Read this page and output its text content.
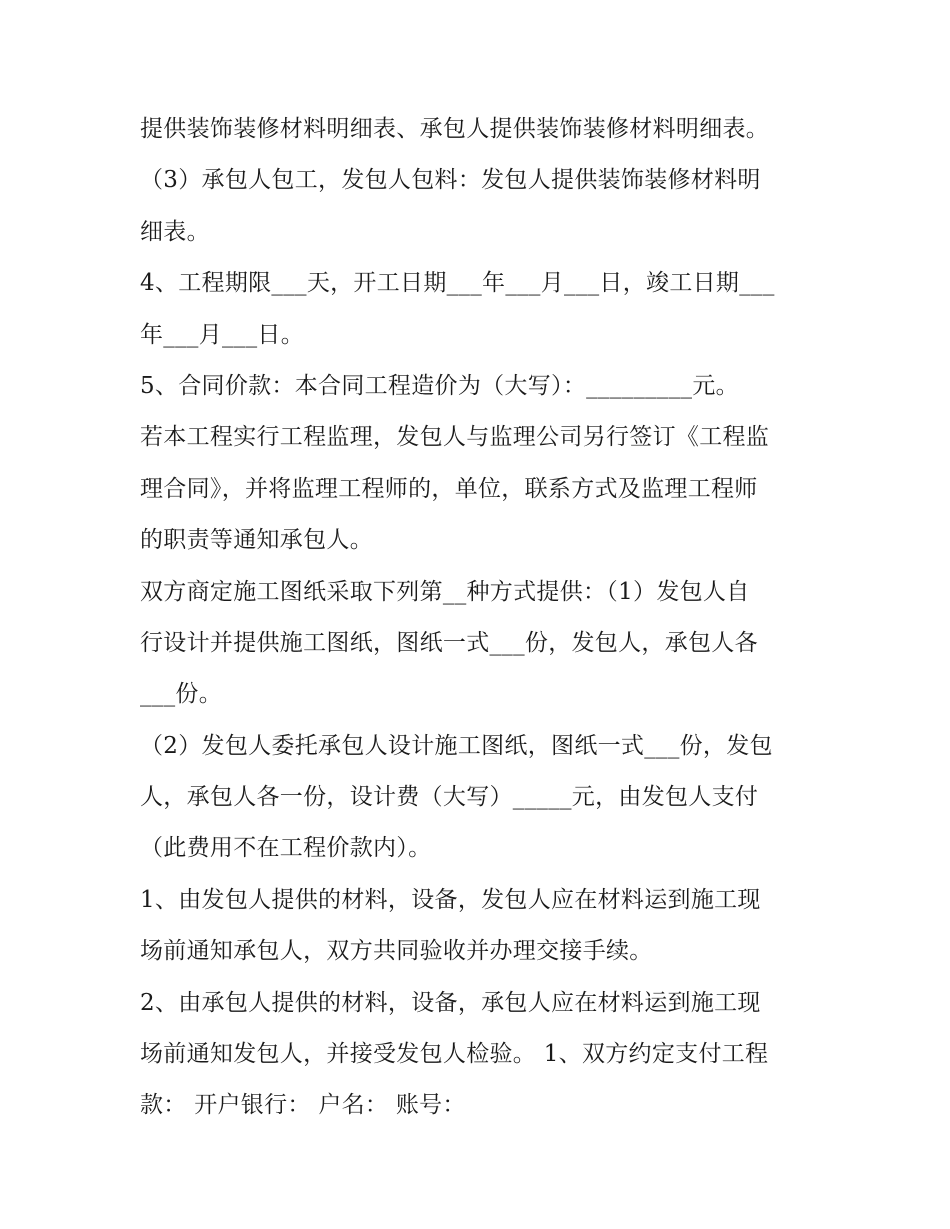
提供装饰装修材料明细表、承包人提供装饰装修材料明细表。
（3）承包人包工，发包人包料：发包人提供装饰装修材料明
细表。
4、工程期限___天，开工日期___年___月___日，竣工日期___
年___月___日。
5、合同价款：本合同工程造价为（大写）：_________元。
若本工程实行工程监理，发包人与监理公司另行签订《工程监
理合同》，并将监理工程师的，单位，联系方式及监理工程师
的职责等通知承包人。
双方商定施工图纸采取下列第__种方式提供：（1）发包人自
行设计并提供施工图纸，图纸一式___份，发包人，承包人各
___份。
（2）发包人委托承包人设计施工图纸，图纸一式___份，发包
人，承包人各一份，设计费（大写）_____元，由发包人支付
（此费用不在工程价款内）。
1、由发包人提供的材料，设备，发包人应在材料运到施工现
场前通知承包人，双方共同验收并办理交接手续。
2、由承包人提供的材料，设备，承包人应在材料运到施工现
场前通知发包人，并接受发包人检验。 1、双方约定支付工程
款： 开户银行： 户名： 账号：
